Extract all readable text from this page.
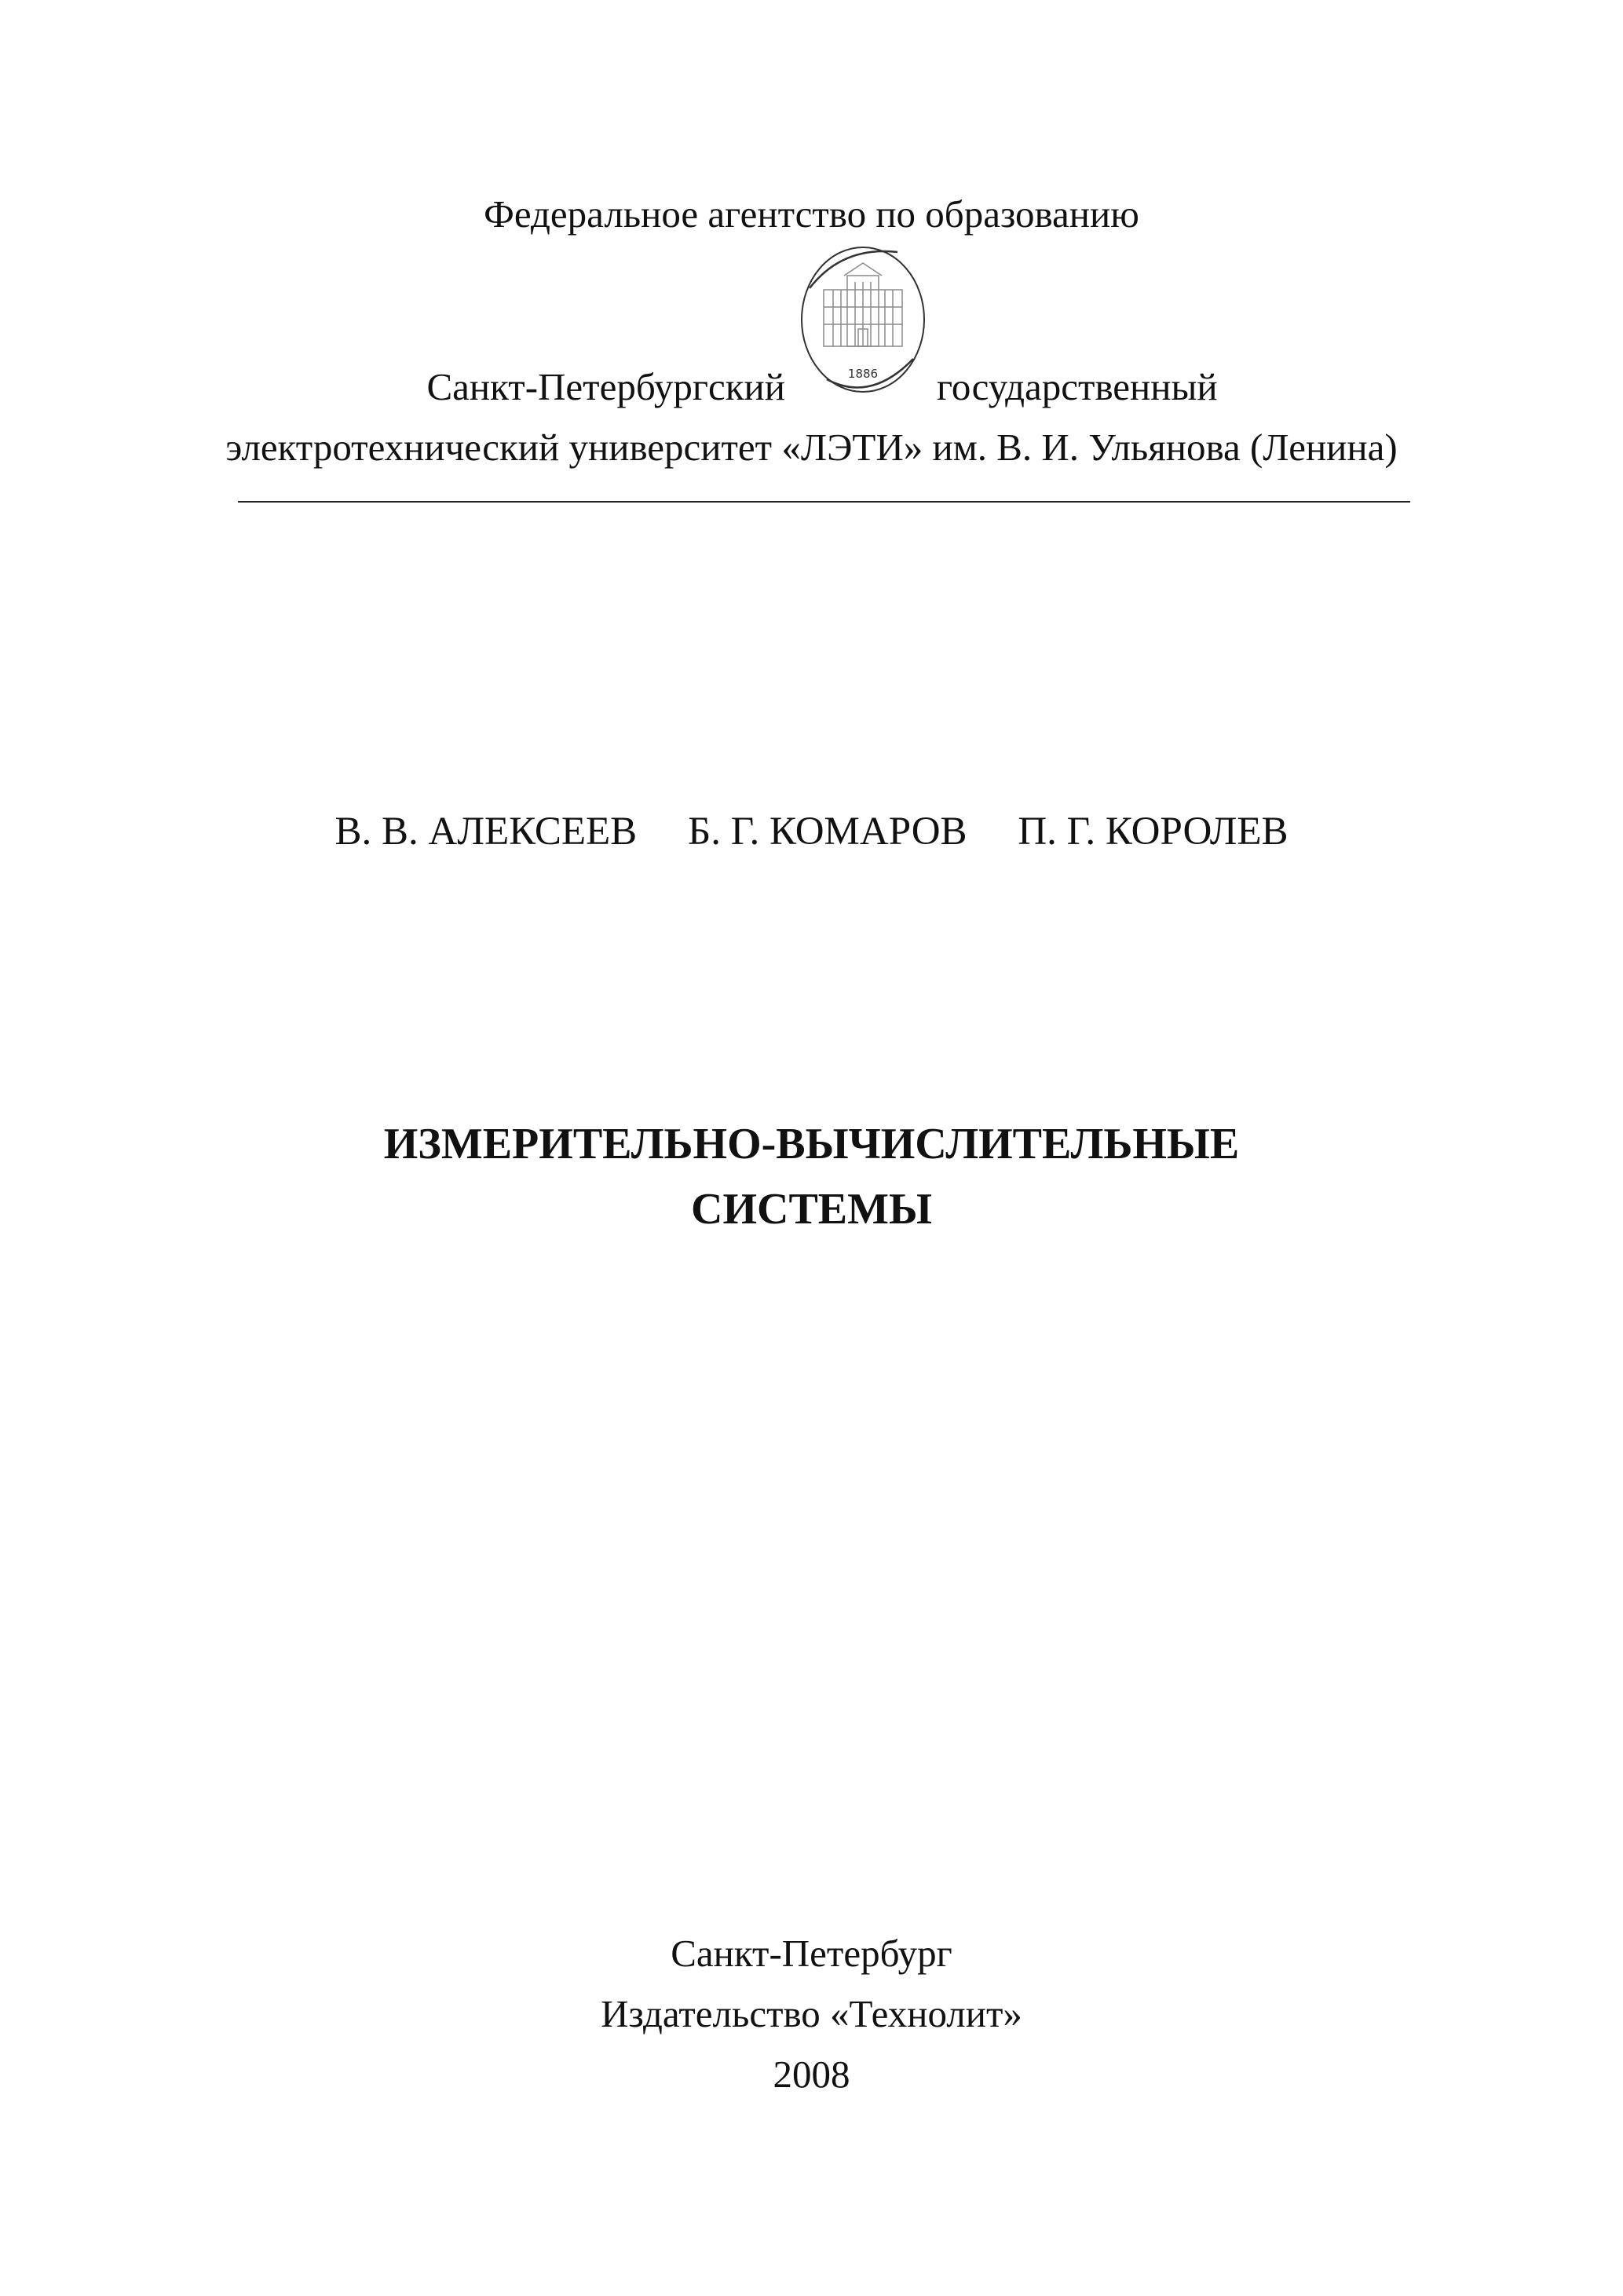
Федеральное агентство по образованию
1886
Санкт-Петербургский	государственный
электротехнический университет «ЛЭТИ» им. В. И. Ульянова (Ленина)
В. В. АЛЕКСЕЕВ Б. Г. КОМАРОВ П. Г. КОРОЛЕВ
ИЗМЕРИТЕЛЬНО-ВЫЧИСЛИТЕЛЬНЫЕ
СИСТЕМЫ
Санкт-Петербург
Издательство «Технолит»
2008
